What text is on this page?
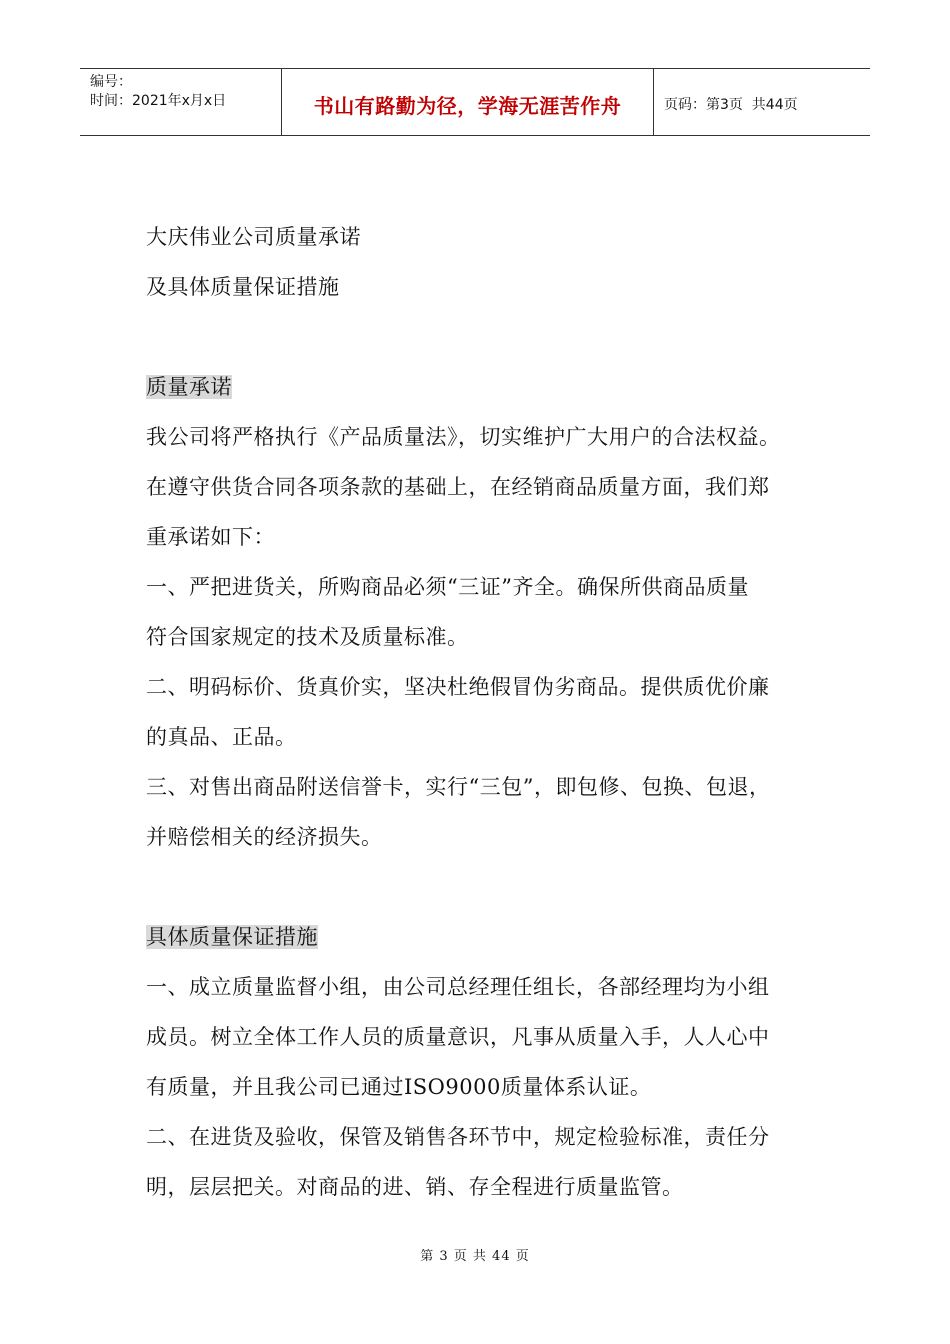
编号：
时间：2021年x月x日	书山有路勤为径，学海无涯苦作舟	页码：第3页  共44页

大庆伟业公司质量承诺

及具体质量保证措施

质量承诺

我公司将严格执行《产品质量法》，切实维护广大用户的合法权益。

在遵守供货合同各项条款的基础上，在经销商品质量方面，我们郑

重承诺如下：

一、严把进货关，所购商品必须“三证”齐全。确保所供商品质量

符合国家规定的技术及质量标准。

二、明码标价、货真价实，坚决杜绝假冒伪劣商品。提供质优价廉

的真品、正品。

三、对售出商品附送信誉卡，实行“三包”，即包修、包换、包退，

并赔偿相关的经济损失。

具体质量保证措施

一、成立质量监督小组，由公司总经理任组长，各部经理均为小组

成员。树立全体工作人员的质量意识，凡事从质量入手，人人心中

有质量，并且我公司已通过ISO9000质量体系认证。

二、在进货及验收，保管及销售各环节中，规定检验标准，责任分

明，层层把关。对商品的进、销、存全程进行质量监管。

第 3 页 共 44 页
